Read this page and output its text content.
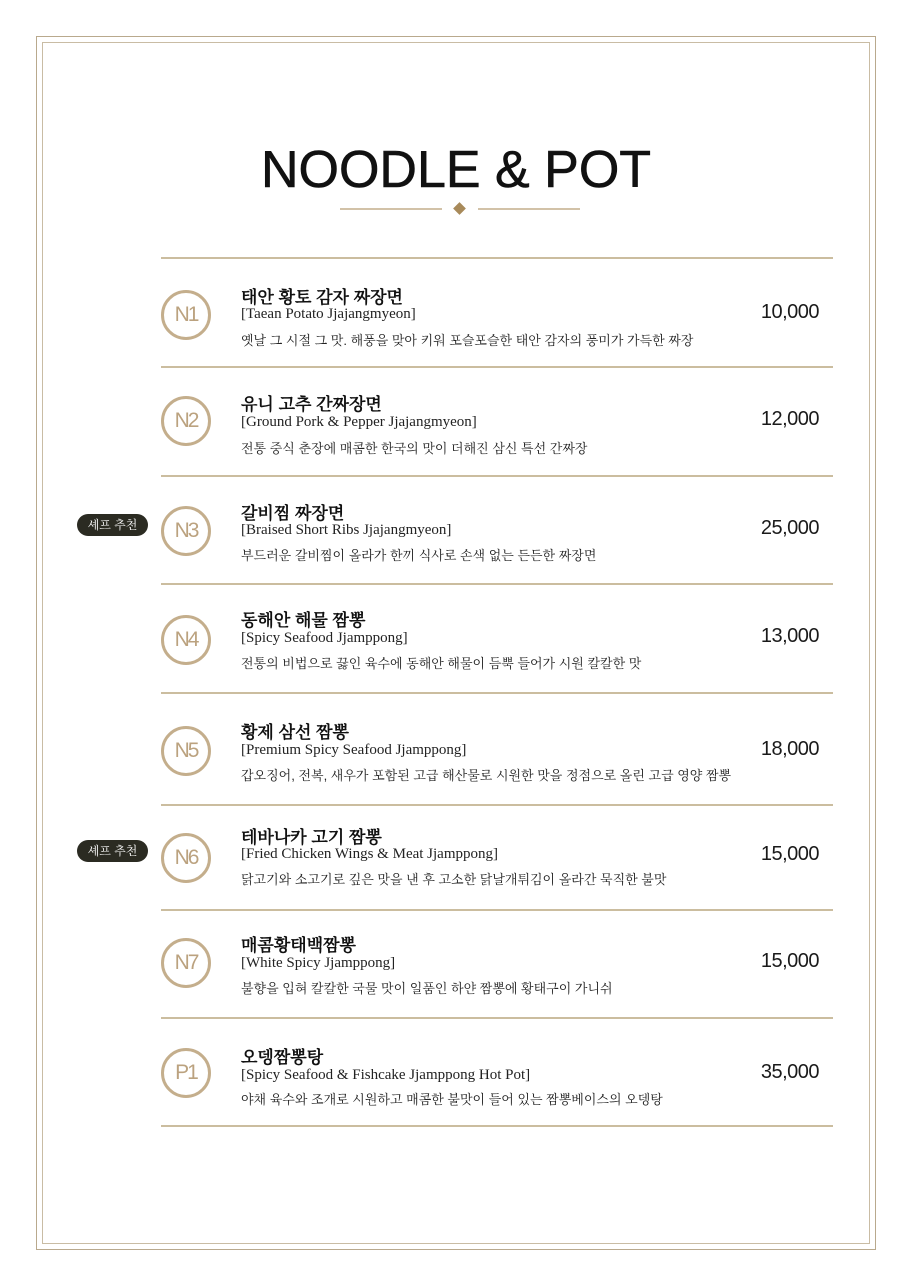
NOODLE & POT
N1
태안 황토 감자 짜장면
[Taean Potato Jjajangmyeon]
옛날 그 시절 그 맛. 해풍을 맞아 키워 포슬포슬한 태안 감자의 풍미가 가득한 짜장
10,000
N2
유니 고추 간짜장면
[Ground Pork & Pepper Jjajangmyeon]
전통 중식 춘장에 매콤한 한국의 맛이 더해진 삼신 특선 간짜장
12,000
N3
갈비찜 짜장면
[Braised Short Ribs Jjajangmyeon]
부드러운 갈비찜이 올라가 한끼 식사로 손색 없는 든든한 짜장면
25,000
N4
동해안 해물 짬뽕
[Spicy Seafood Jjamppong]
전통의 비법으로 끓인 육수에 동해안 해물이 듬뿍 들어가 시원 칼칼한 맛
13,000
N5
황제 삼선 짬뽕
[Premium Spicy Seafood Jjamppong]
갑오징어, 전복, 새우가 포함된 고급 해산물로 시원한 맛을 정점으로 올린 고급 영양 짬뽕
18,000
N6
테바나카 고기 짬뽕
[Fried Chicken Wings & Meat Jjamppong]
닭고기와 소고기로 깊은 맛을 낸 후 고소한 닭날개튀김이 올라간 묵직한 불맛
15,000
N7
매콤황태백짬뽕
[White Spicy Jjamppong]
불향을 입혀 칼칼한 국물 맛이 일품인 하얀 짬뽕에 황태구이 가니쉬
15,000
P1
오뎅짬뽕탕
[Spicy Seafood & Fishcake Jjamppong Hot Pot]
야채 육수와 조개로 시원하고 매콤한 불맛이 들어 있는 짬뽕베이스의 오뎅탕
35,000
셰프 추천
셰프 추천
